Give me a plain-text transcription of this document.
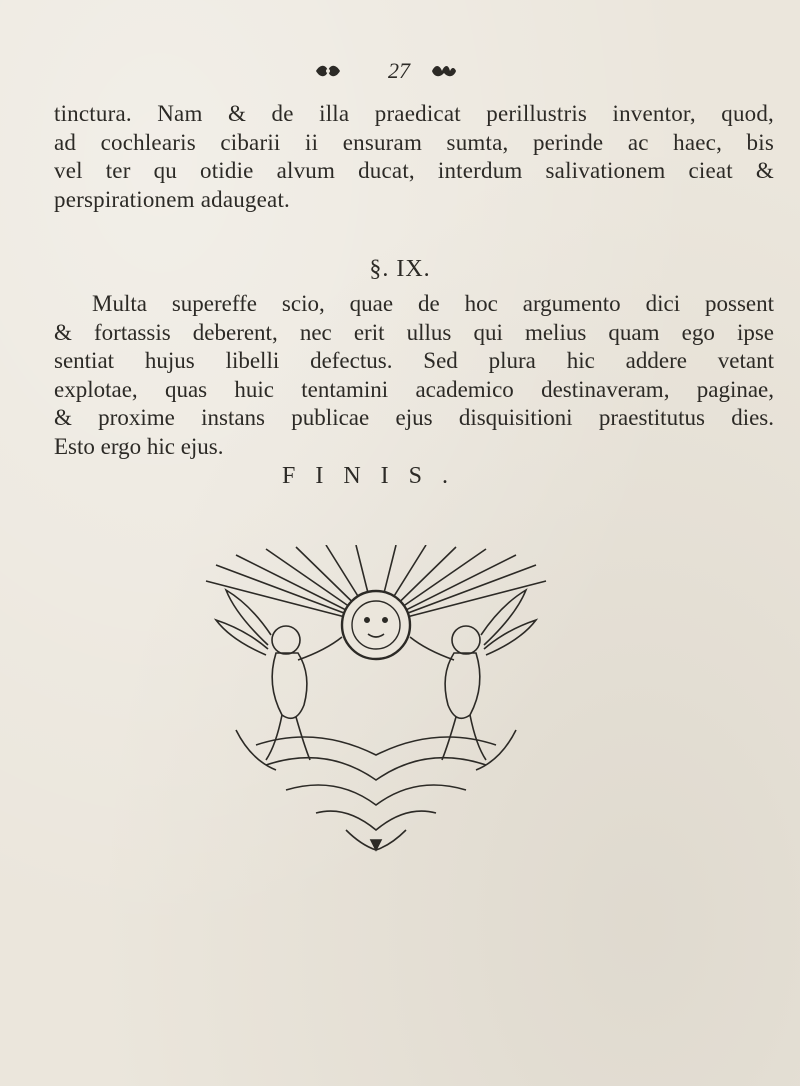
27
tinctura. Nam & de illa praedicat perillustris inventor, quod,
ad cochlearis cibarii ii ensuram sumta, perinde ac haec, bis
vel ter qu otidie alvum ducat, interdum salivationem cieat &
perspirationem adaugeat.
§. IX.
Multa supereffe scio, quae de hoc argumento dici possent
& fortassis deberent, nec erit ullus qui melius quam ego ipse
sentiat hujus libelli defectus. Sed plura hic addere vetant
explotae, quas huic tentamini academico destinaveram, paginae,
& proxime instans publicae ejus disquisitioni praestitutus dies.
Esto ergo hic ejus.
FINIS.
